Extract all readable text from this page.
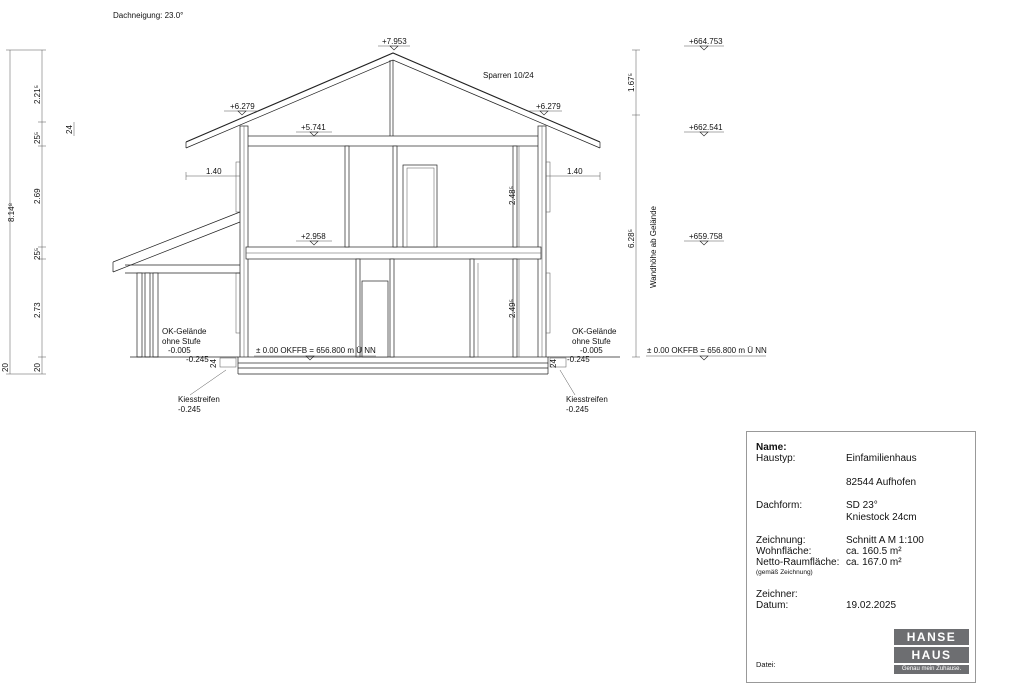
Dachneigung: 23.0°
+7.953
+6.279	+6.279
+5.741
+2.958
Sparren 10/24
1.40	1.40
2.48⁵
2.49⁵
8.14⁸
2.21⁵
25⁵
2.69
25⁵
2.73
20
24
20
1.67⁵
6.28⁵ Wandhöhe ab Gelände
+664.753
+662.541
+659.758
± 0.00 OKFFB = 656.800 m Ü NN	± 0.00 OKFFB = 656.800 m Ü NN
OK-Gelände
ohne Stufe
-0.005
-0.245 24
Kiesstreifen
-0.245
OK-Gelände
ohne Stufe
-0.005
-0.245
24
Kiesstreifen
-0.245
Name:
Haustyp:	Einfamilienhaus
82544 Aufhofen
Dachform:	SD 23°
Kniestock 24cm
Zeichnung:	Schnitt A M 1:100
Wohnfläche:	ca. 160.5 m²
Netto-Raumfläche: ca. 167.0 m²
(gemäß Zeichnung)
Zeichner:
Datum:	19.02.2025
Datei:
HANSE
HAUS
Genau mein Zuhause.
